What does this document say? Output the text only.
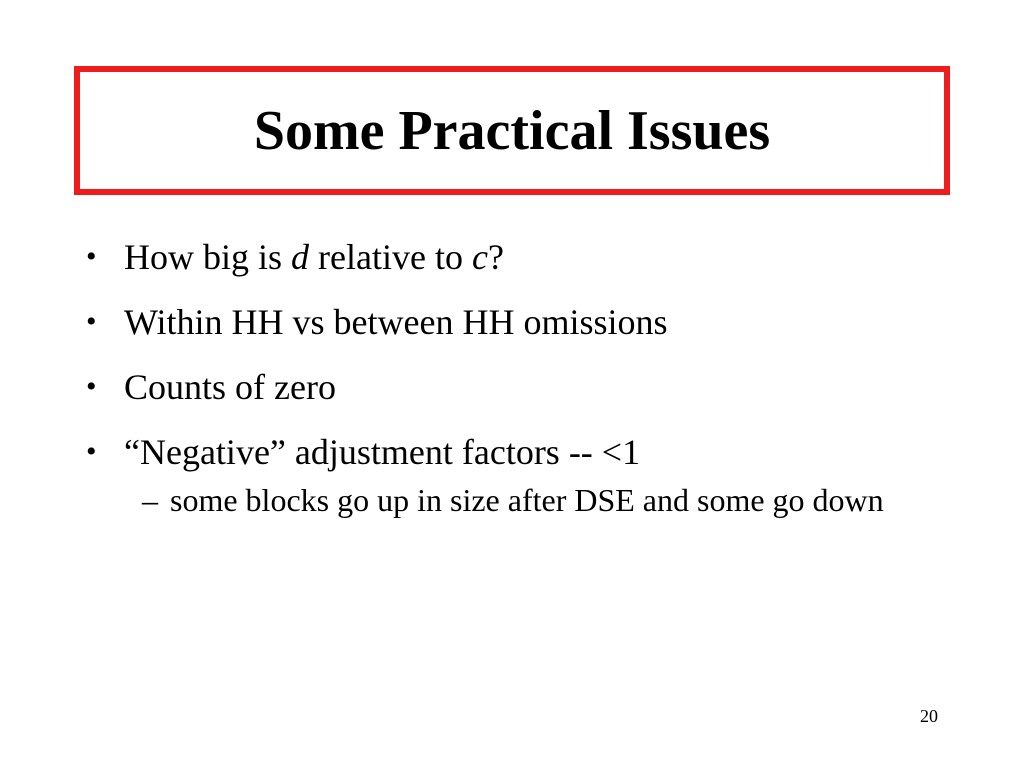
Some Practical Issues
• How big is d relative to c?
• Within HH vs between HH omissions
• Counts of zero
• “Negative” adjustment factors -- <1
– some blocks go up in size after DSE and some go down
20
